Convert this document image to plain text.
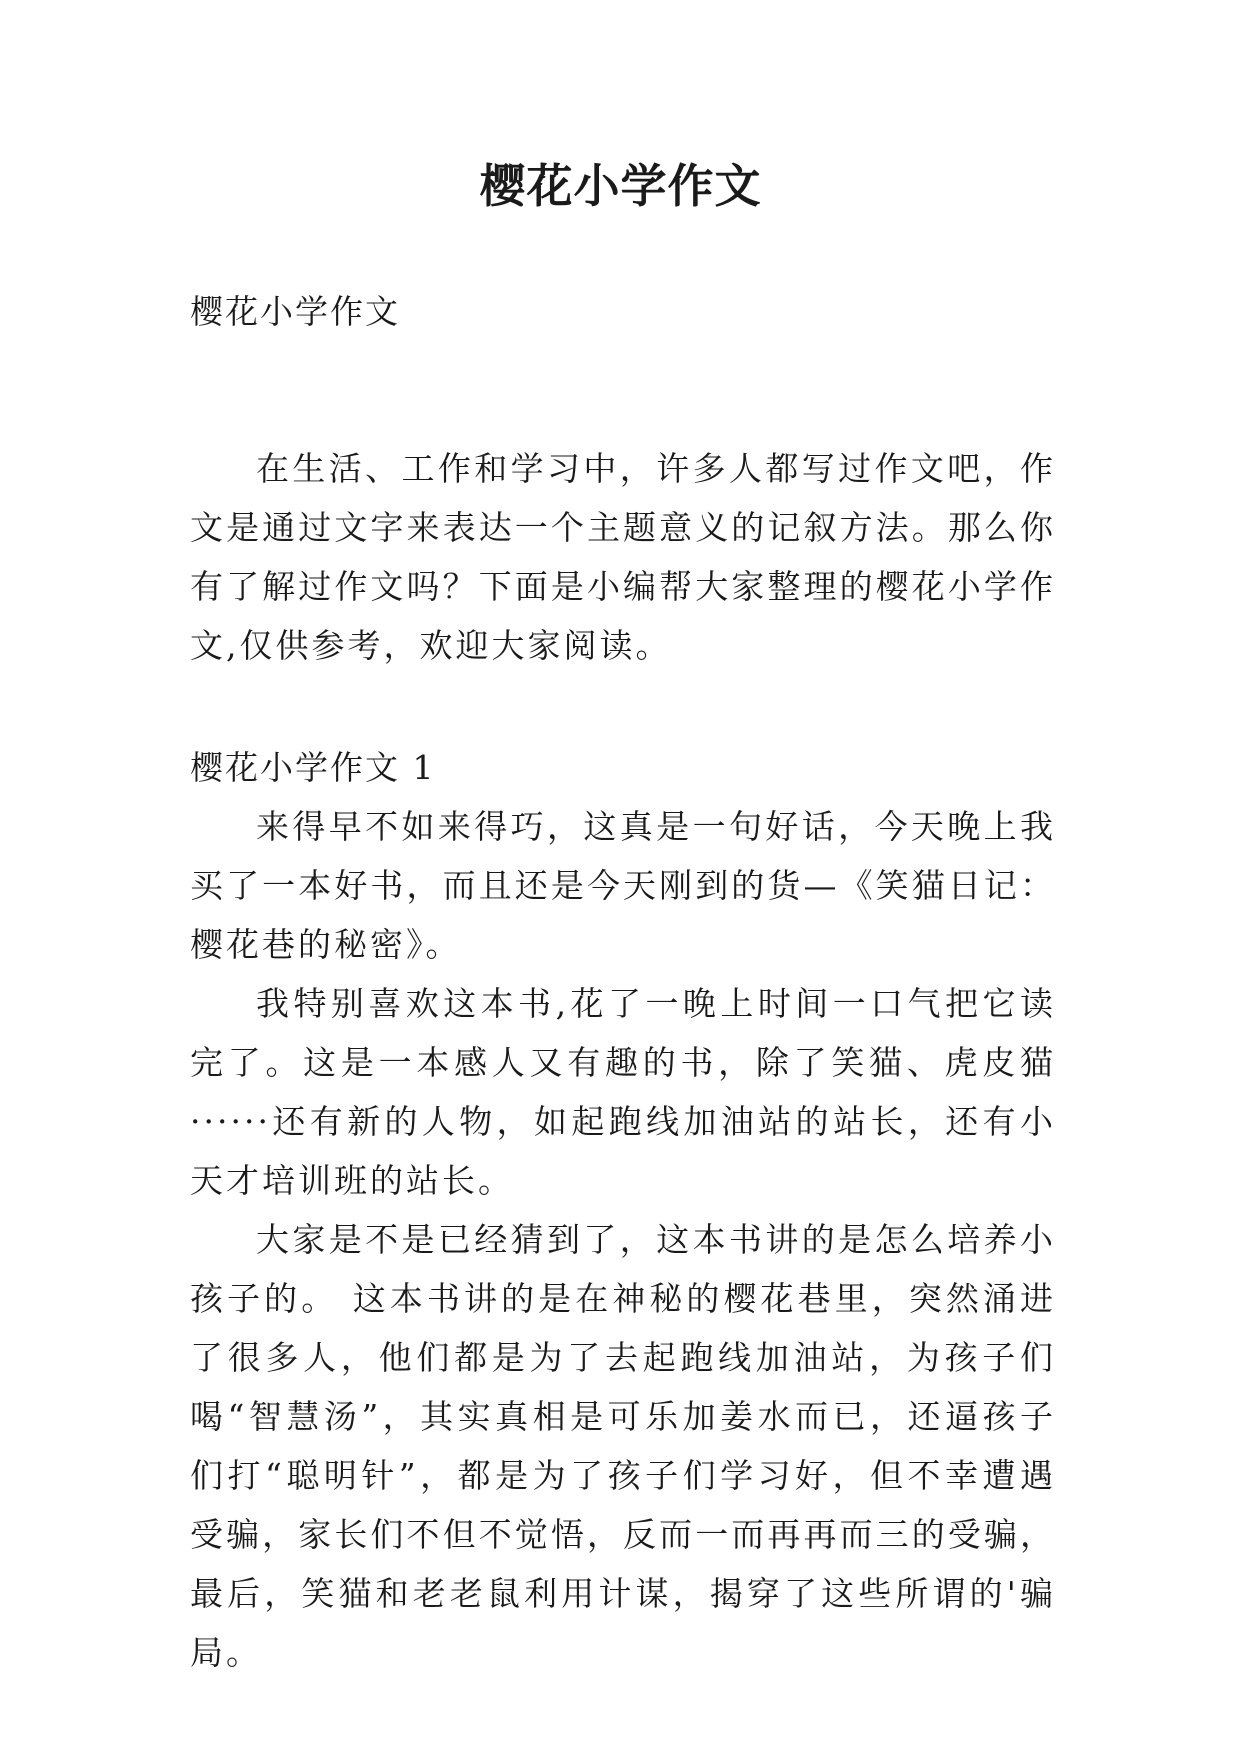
樱花小学作文

樱花小学作文

在生活、工作和学习中，许多人都写过作文吧，作文是通过文字来表达一个主题意义的记叙方法。那么你有了解过作文吗？下面是小编帮大家整理的樱花小学作文,仅供参考，欢迎大家阅读。

樱花小学作文 1

来得早不如来得巧，这真是一句好话，今天晚上我买了一本好书，而且还是今天刚到的货—《笑猫日记：樱花巷的秘密》。

我特别喜欢这本书,花了一晚上时间一口气把它读完了。这是一本感人又有趣的书，除了笑猫、虎皮猫······还有新的人物，如起跑线加油站的站长，还有小天才培训班的站长。

大家是不是已经猜到了，这本书讲的是怎么培养小孩子的。 这本书讲的是在神秘的樱花巷里，突然涌进了很多人，他们都是为了去起跑线加油站，为孩子们喝“智慧汤”，其实真相是可乐加姜水而已，还逼孩子们打“聪明针”，都是为了孩子们学习好，但不幸遭遇受骗，家长们不但不觉悟，反而一而再再而三的受骗，最后，笑猫和老老鼠利用计谋，揭穿了这些所谓的'骗局。
